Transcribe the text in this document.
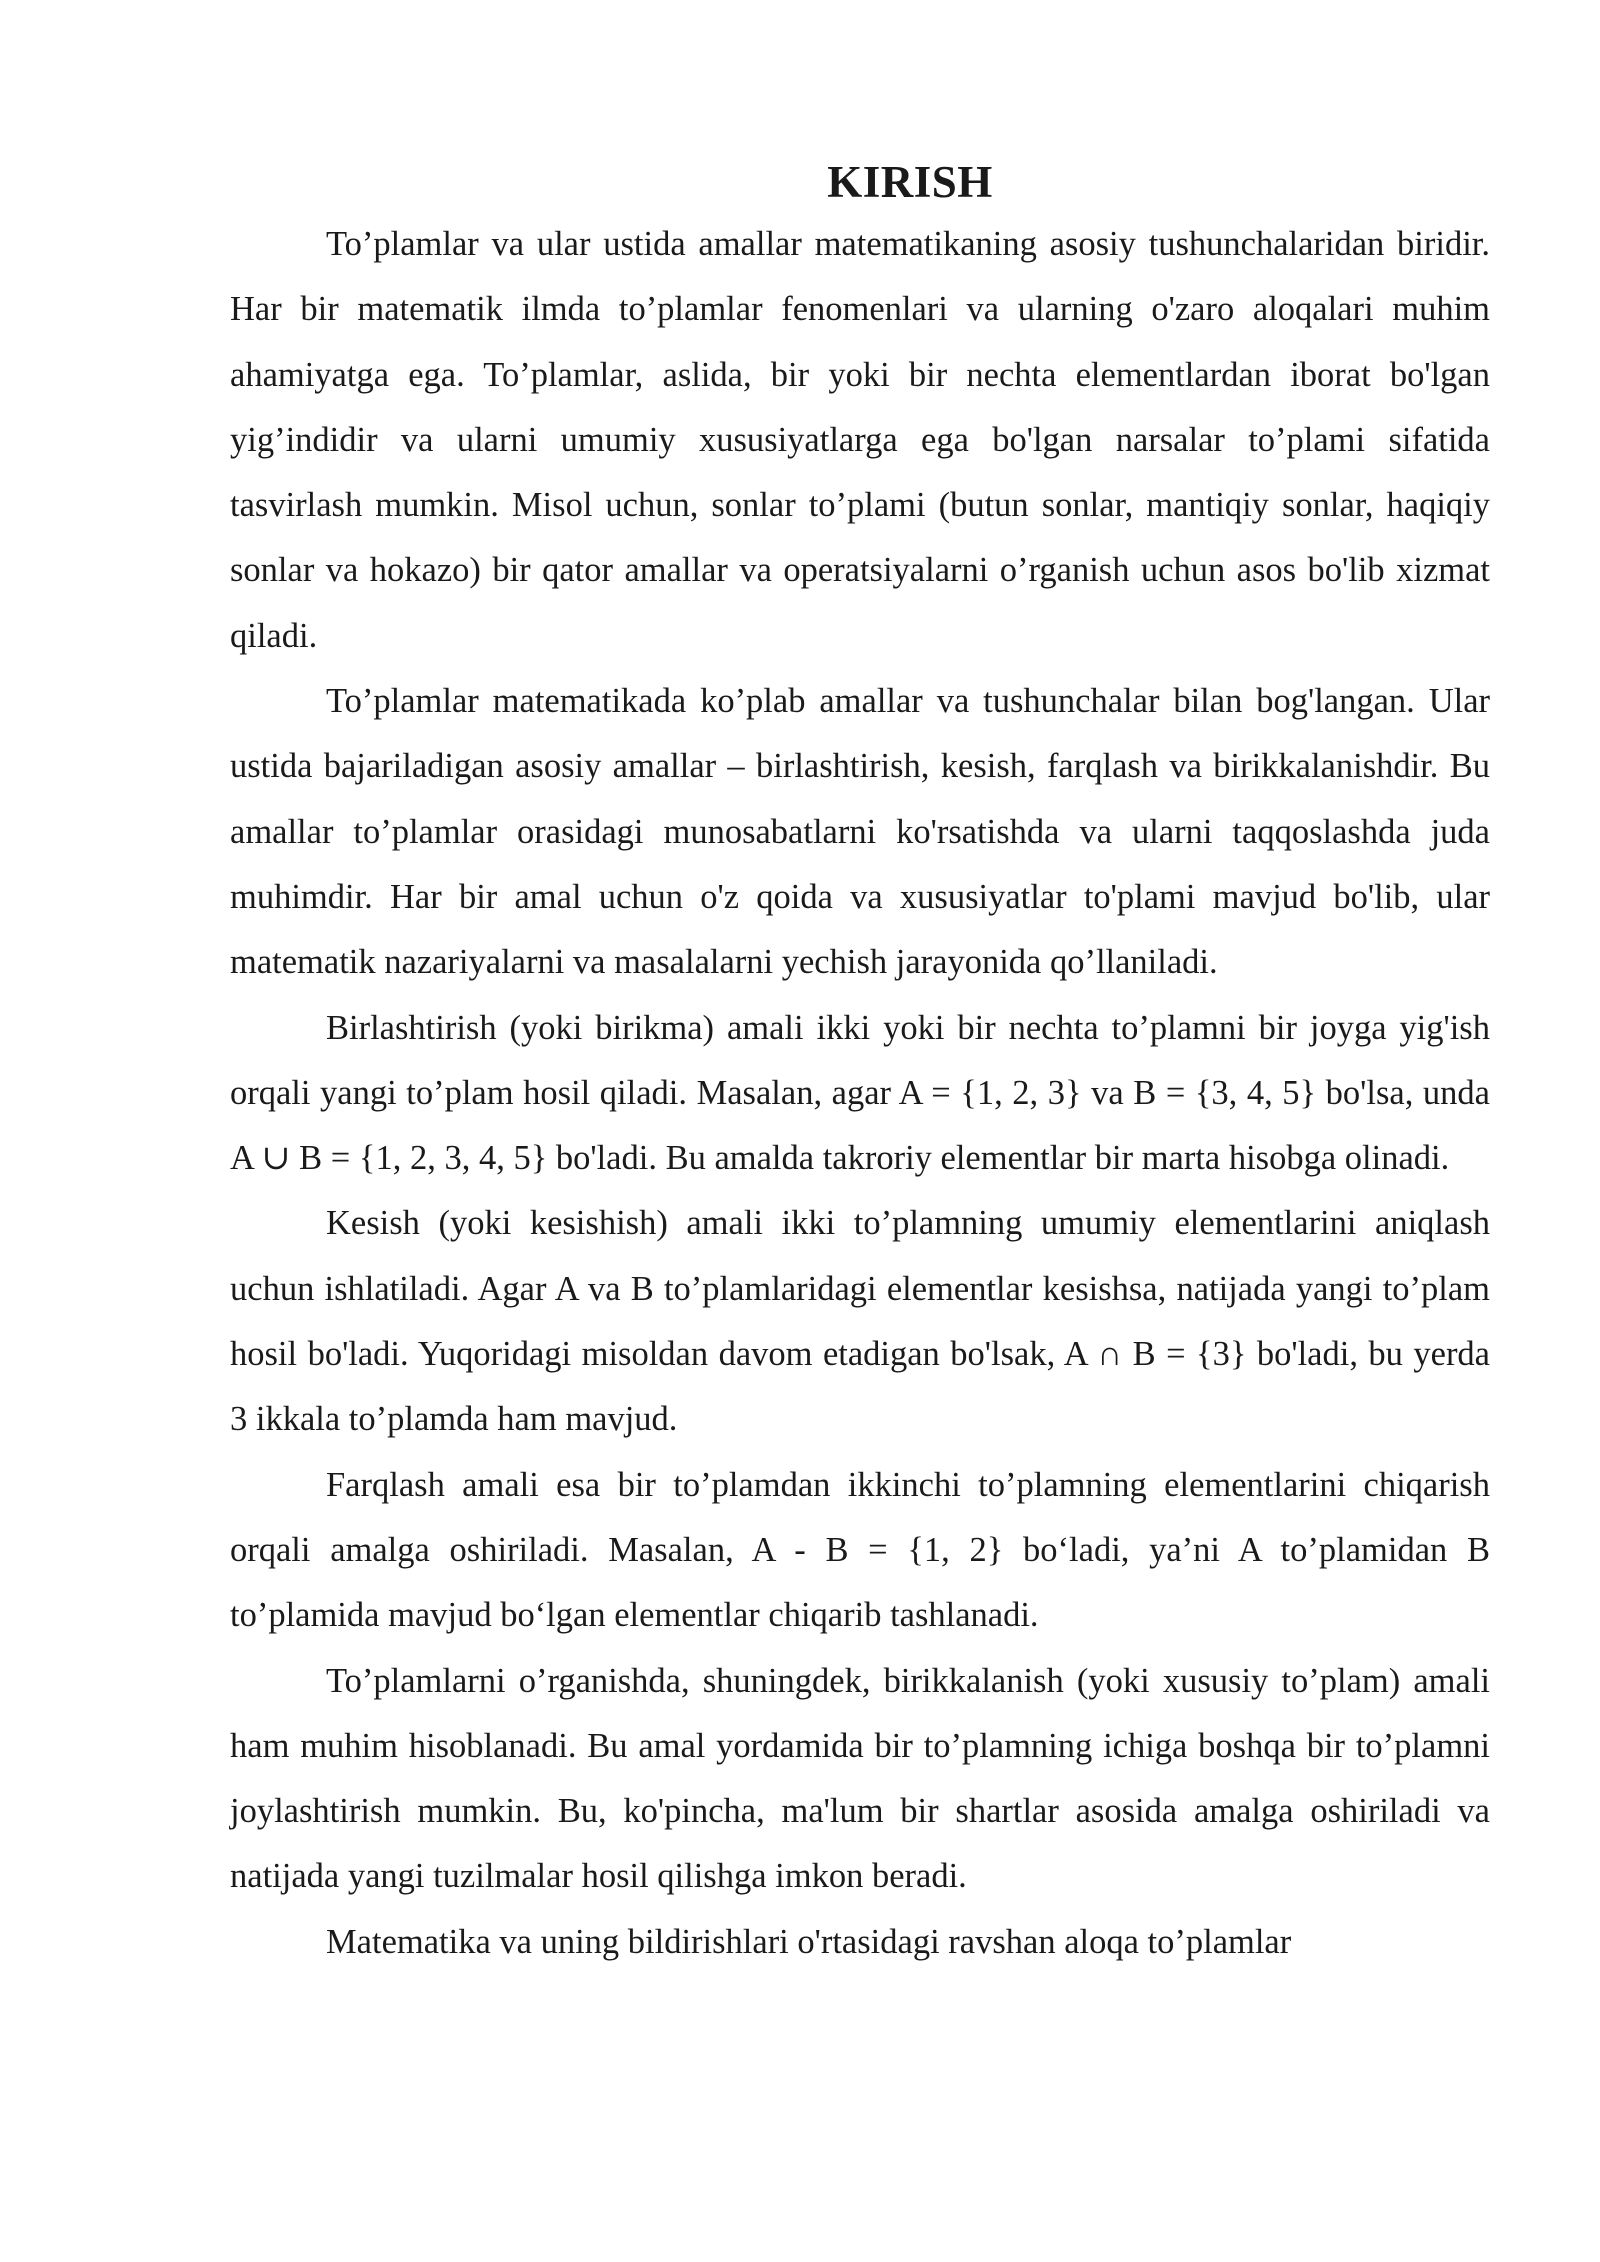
KIRISH

To’plamlar va ular ustida amallar matematikaning asosiy tushunchalaridan biridir. Har bir matematik ilmda to’plamlar fenomenlari va ularning o'zaro aloqalari muhim ahamiyatga ega. To’plamlar, aslida, bir yoki bir nechta elementlardan iborat bo'lgan yig’indidir va ularni umumiy xususiyatlarga ega bo'lgan narsalar to’plami sifatida tasvirlash mumkin. Misol uchun, sonlar to’plami (butun sonlar, mantiqiy sonlar, haqiqiy sonlar va hokazo) bir qator amallar va operatsiyalarni o’rganish uchun asos bo'lib xizmat qiladi.

To’plamlar matematikada ko’plab amallar va tushunchalar bilan bog'langan. Ular ustida bajariladigan asosiy amallar – birlashtirish, kesish, farqlash va birikkalanishdir. Bu amallar to’plamlar orasidagi munosabatlarni ko'rsatishda va ularni taqqoslashda juda muhimdir. Har bir amal uchun o'z qoida va xususiyatlar to'plami mavjud bo'lib, ular matematik nazariyalarni va masalalarni yechish jarayonida qo’llaniladi.

Birlashtirish (yoki birikma) amali ikki yoki bir nechta to’plamni bir joyga yig'ish orqali yangi to’plam hosil qiladi. Masalan, agar A = {1, 2, 3} va B = {3, 4, 5} bo'lsa, unda A ∪ B = {1, 2, 3, 4, 5} bo'ladi. Bu amalda takroriy elementlar bir marta hisobga olinadi.

Kesish (yoki kesishish) amali ikki to’plamning umumiy elementlarini aniqlash uchun ishlatiladi. Agar A va B to’plamlaridagi elementlar kesishsa, natijada yangi to’plam hosil bo'ladi. Yuqoridagi misoldan davom etadigan bo'lsak, A ∩ B = {3} bo'ladi, bu yerda 3 ikkala to’plamda ham mavjud.

Farqlash amali esa bir to’plamdan ikkinchi to’plamning elementlarini chiqarish orqali amalga oshiriladi. Masalan, A - B = {1, 2} bo‘ladi, ya’ni A to’plamidan B to’plamida mavjud bo‘lgan elementlar chiqarib tashlanadi.

To’plamlarni o’rganishda, shuningdek, birikkalanish (yoki xususiy to’plam) amali ham muhim hisoblanadi. Bu amal yordamida bir to’plamning ichiga boshqa bir to’plamni joylashtirish mumkin. Bu, ko'pincha, ma'lum bir shartlar asosida amalga oshiriladi va natijada yangi tuzilmalar hosil qilishga imkon beradi.

Matematika va uning bildirishlari o'rtasidagi ravshan aloqa to’plamlar
